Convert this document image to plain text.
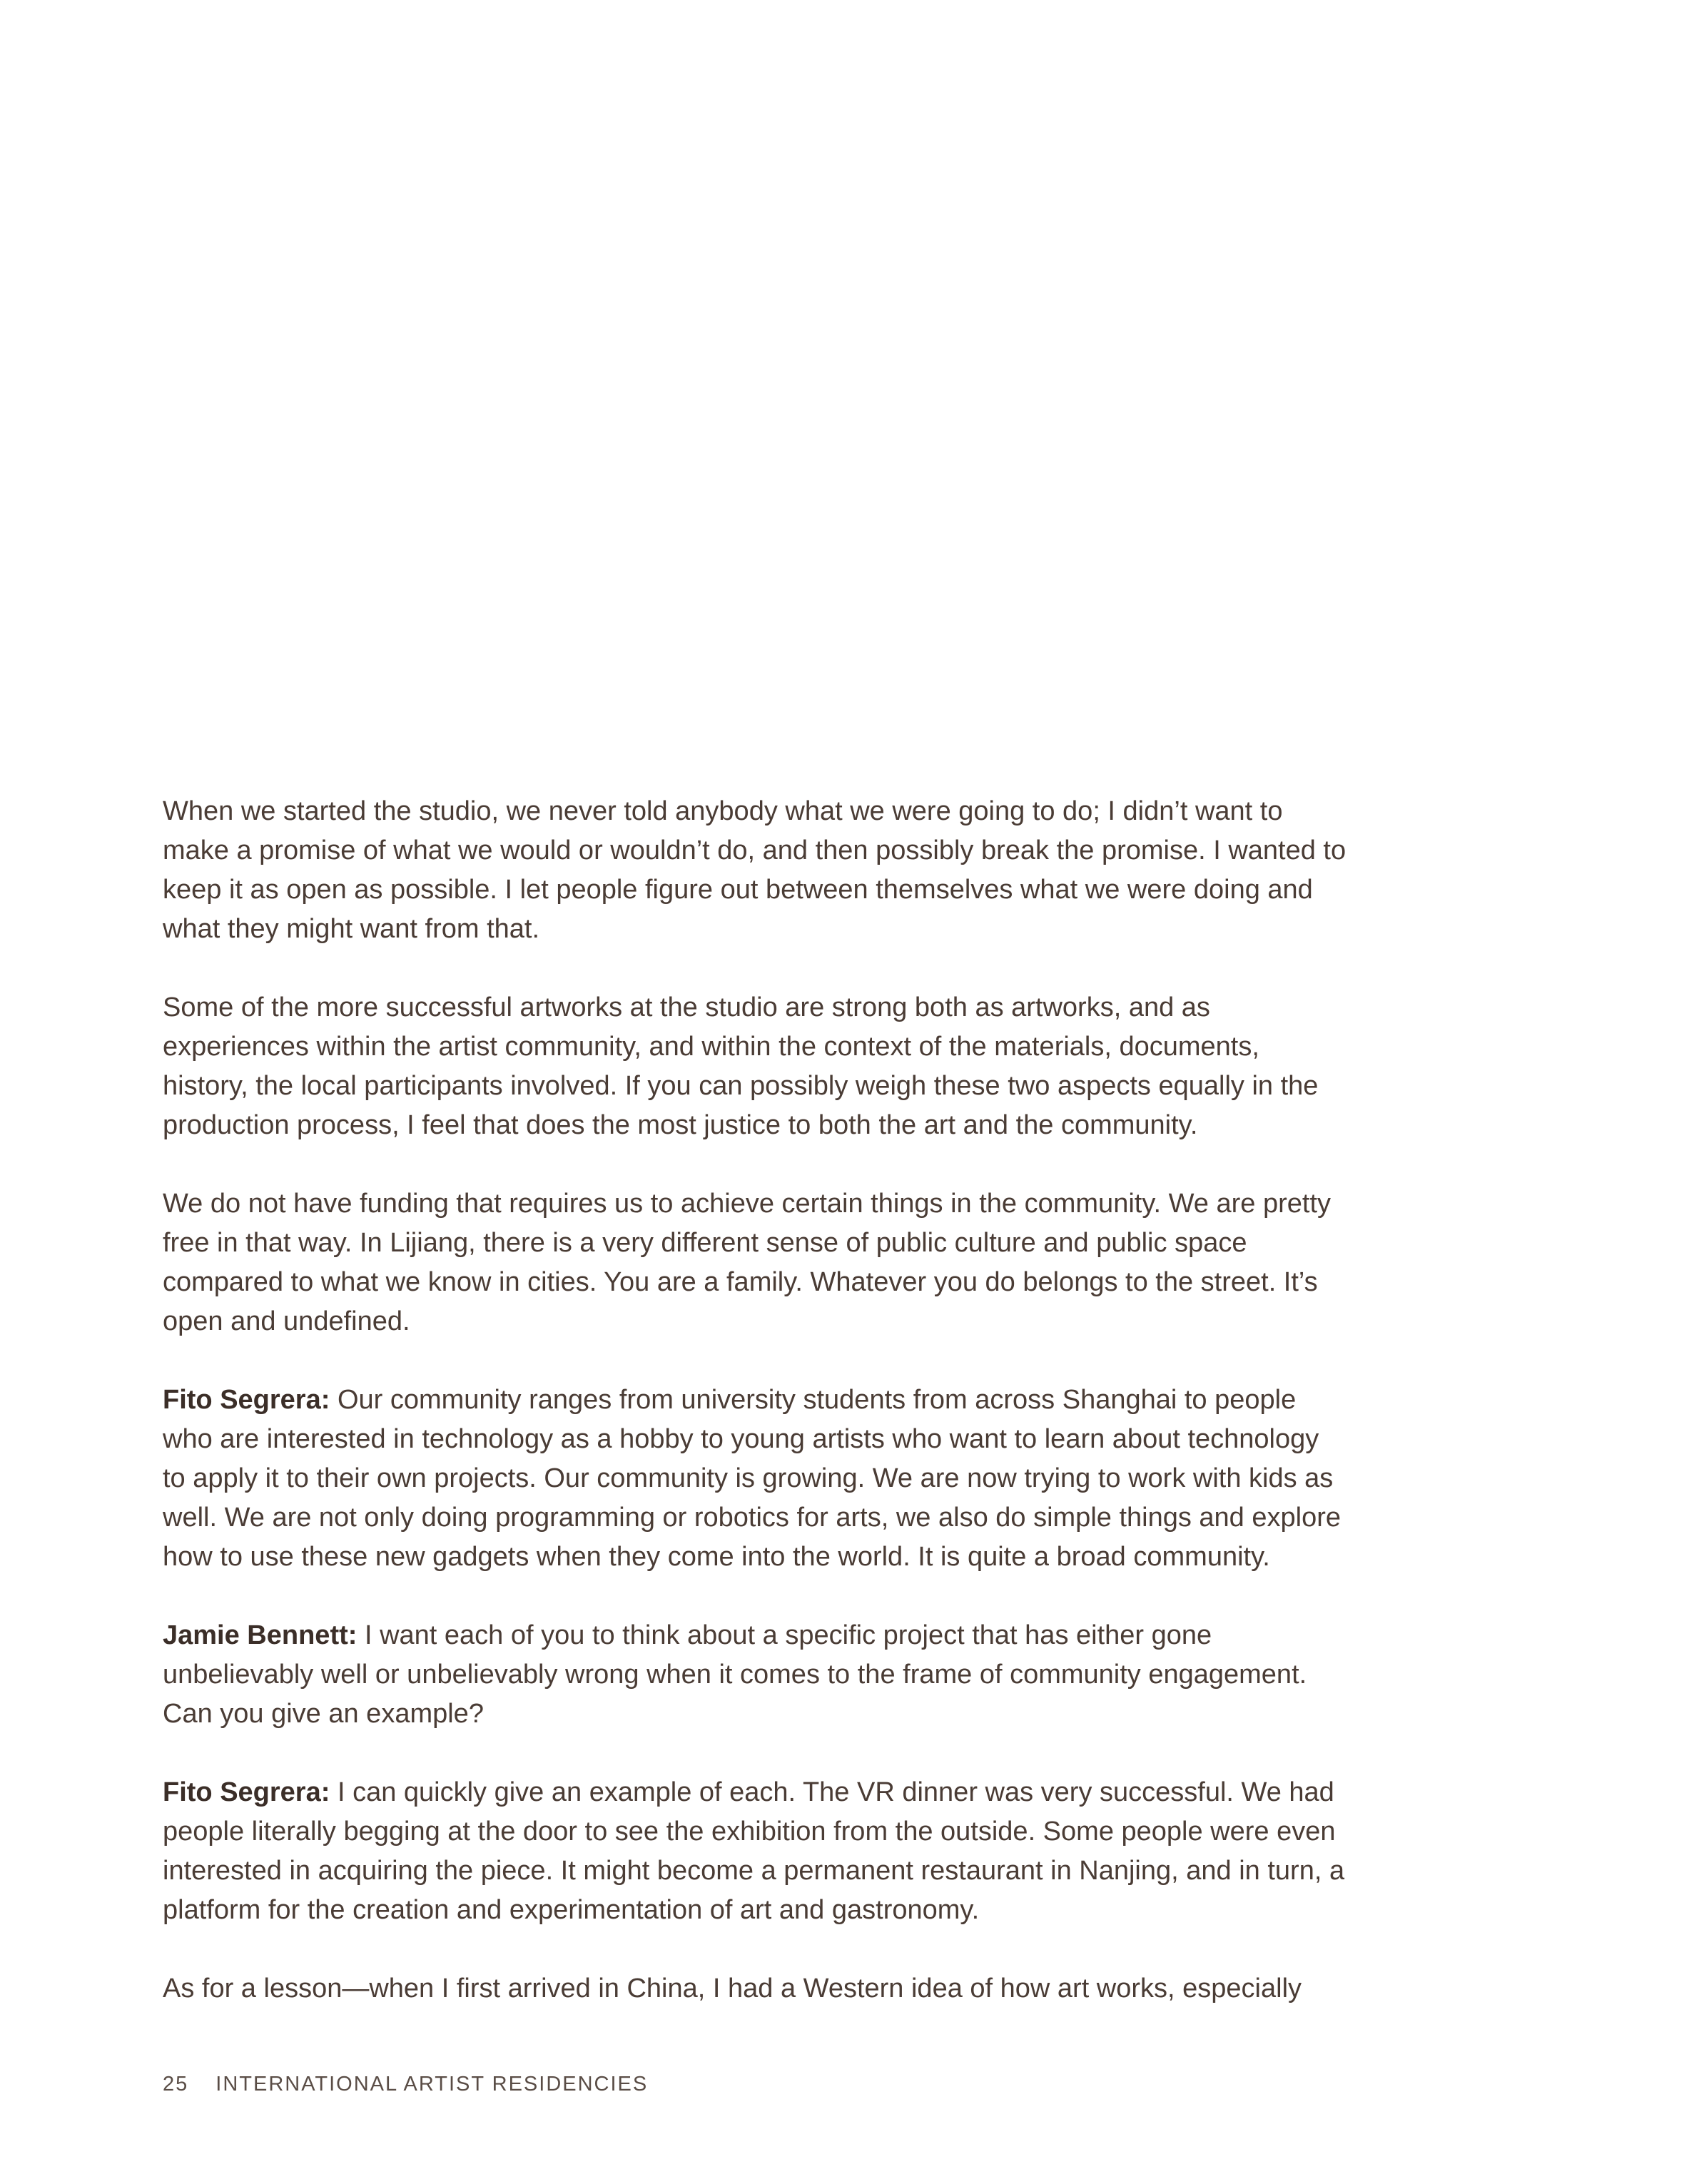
When we started the studio, we never told anybody what we were going to do; I didn’t want to make a promise of what we would or wouldn’t do, and then possibly break the promise. I wanted to keep it as open as possible. I let people figure out between themselves what we were doing and what they might want from that.

Some of the more successful artworks at the studio are strong both as artworks, and as experiences within the artist community, and within the context of the materials, documents, history, the local participants involved. If you can possibly weigh these two aspects equally in the production process, I feel that does the most justice to both the art and the community.

We do not have funding that requires us to achieve certain things in the community. We are pretty free in that way. In Lijiang, there is a very different sense of public culture and public space compared to what we know in cities. You are a family. Whatever you do belongs to the street. It’s open and undefined.

Fito Segrera: Our community ranges from university students from across Shanghai to people who are interested in technology as a hobby to young artists who want to learn about technology to apply it to their own projects. Our community is growing. We are now trying to work with kids as well. We are not only doing programming or robotics for arts, we also do simple things and explore how to use these new gadgets when they come into the world. It is quite a broad community.

Jamie Bennett: I want each of you to think about a specific project that has either gone unbelievably well or unbelievably wrong when it comes to the frame of community engagement. Can you give an example?

Fito Segrera: I can quickly give an example of each. The VR dinner was very successful. We had people literally begging at the door to see the exhibition from the outside. Some people were even interested in acquiring the piece. It might become a permanent restaurant in Nanjing, and in turn, a platform for the creation and experimentation of art and gastronomy.

As for a lesson—when I first arrived in China, I had a Western idea of how art works, especially

25 INTERNATIONAL ARTIST RESIDENCIES
